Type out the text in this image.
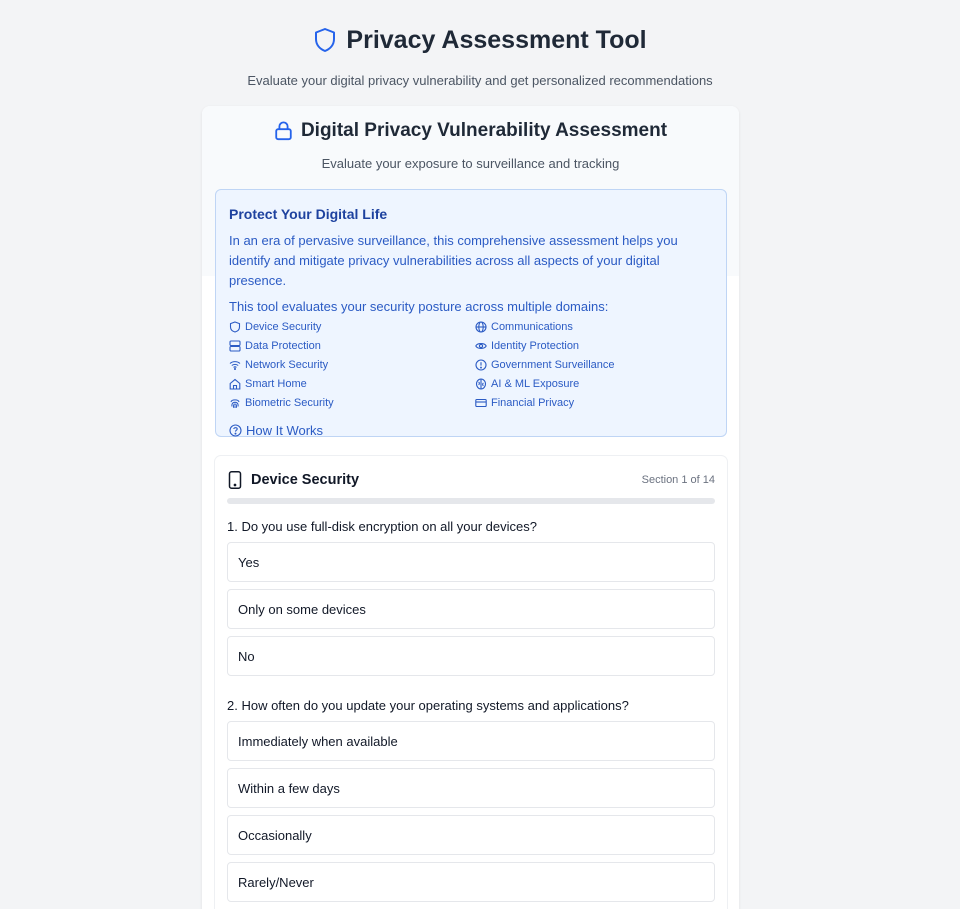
Privacy Assessment Tool

Evaluate your digital privacy vulnerability and get personalized recommendations

Digital Privacy Vulnerability Assessment

Evaluate your exposure to surveillance and tracking

Protect Your Digital Life

In an era of pervasive surveillance, this comprehensive assessment helps you identify and mitigate privacy vulnerabilities across all aspects of your digital presence.

This tool evaluates your security posture across multiple domains:

Device Security	Communications
Data Protection	Identity Protection
Network Security	Government Surveillance
Smart Home	AI & ML Exposure
Biometric Security	Financial Privacy
How It Works
Device Security	Section 1 of 14

1. Do you use full-disk encryption on all your devices?

Yes
Only on some devices
No

2. How often do you update your operating systems and applications?

Immediately when available
Within a few days
Occasionally
Rarely/Never
